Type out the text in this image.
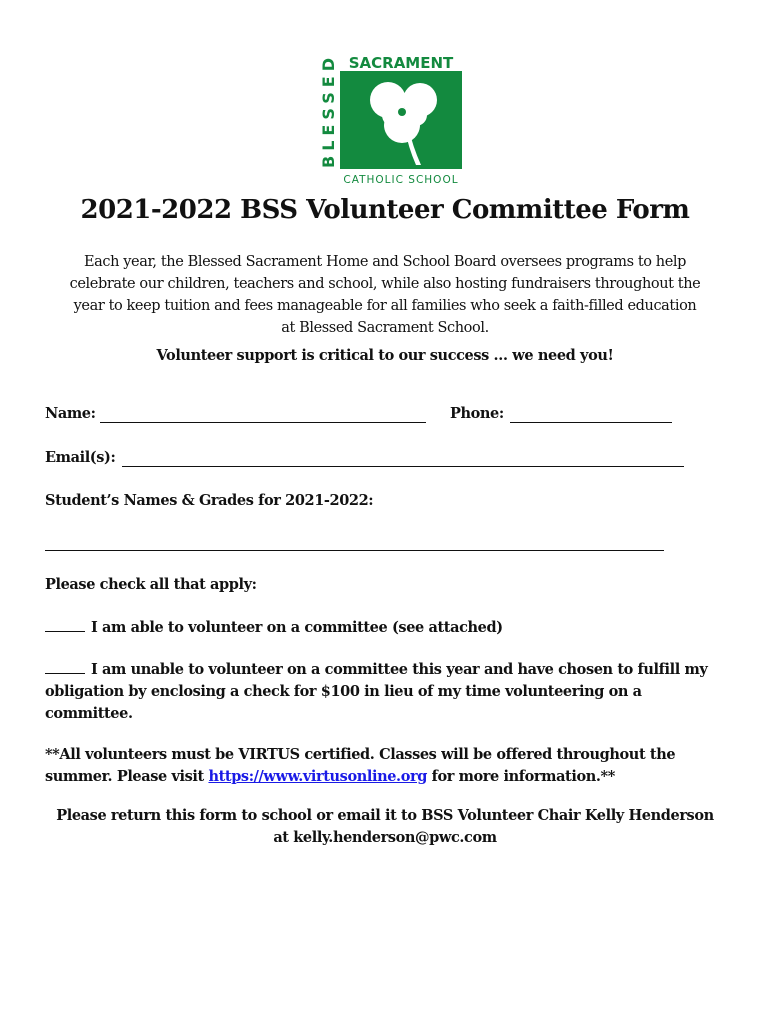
SACRAMENT
BLESSED
CATHOLIC SCHOOL
2021-2022 BSS Volunteer Committee Form
Each year, the Blessed Sacrament Home and School Board oversees programs to help
celebrate our children, teachers and school, while also hosting fundraisers throughout the
year to keep tuition and fees manageable for all families who seek a faith-filled education
at Blessed Sacrament School.
Volunteer support is critical to our success … we need you!
Name:	Phone:
Email(s):
Student’s Names & Grades for 2021-2022:
Please check all that apply:
I am able to volunteer on a committee (see attached)
I am unable to volunteer on a committee this year and have chosen to fulfill my obligation by enclosing a check for $100 in lieu of my time volunteering on a committee.
**All volunteers must be VIRTUS certified. Classes will be offered throughout the summer. Please visit https://www.virtusonline.org for more information.**
Please return this form to school or email it to BSS Volunteer Chair Kelly Henderson
at kelly.henderson@pwc.com
